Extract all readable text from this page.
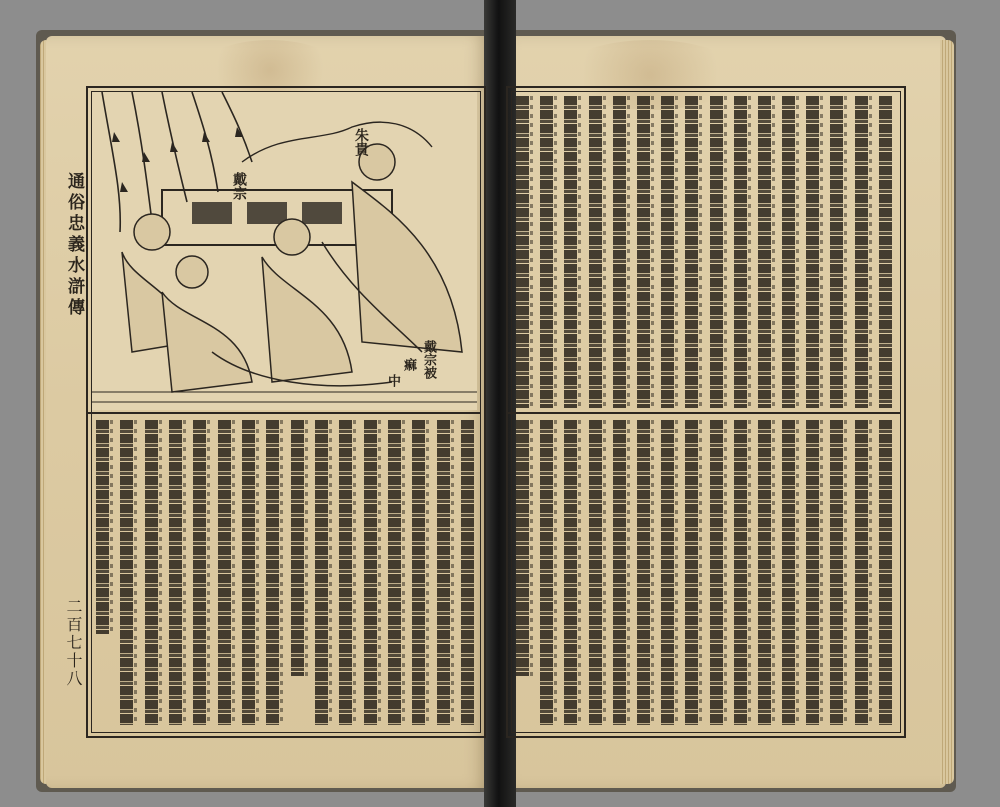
通俗忠義水滸傳
二百七十八
戴宗
朱貴
戴宗被
痲
中
